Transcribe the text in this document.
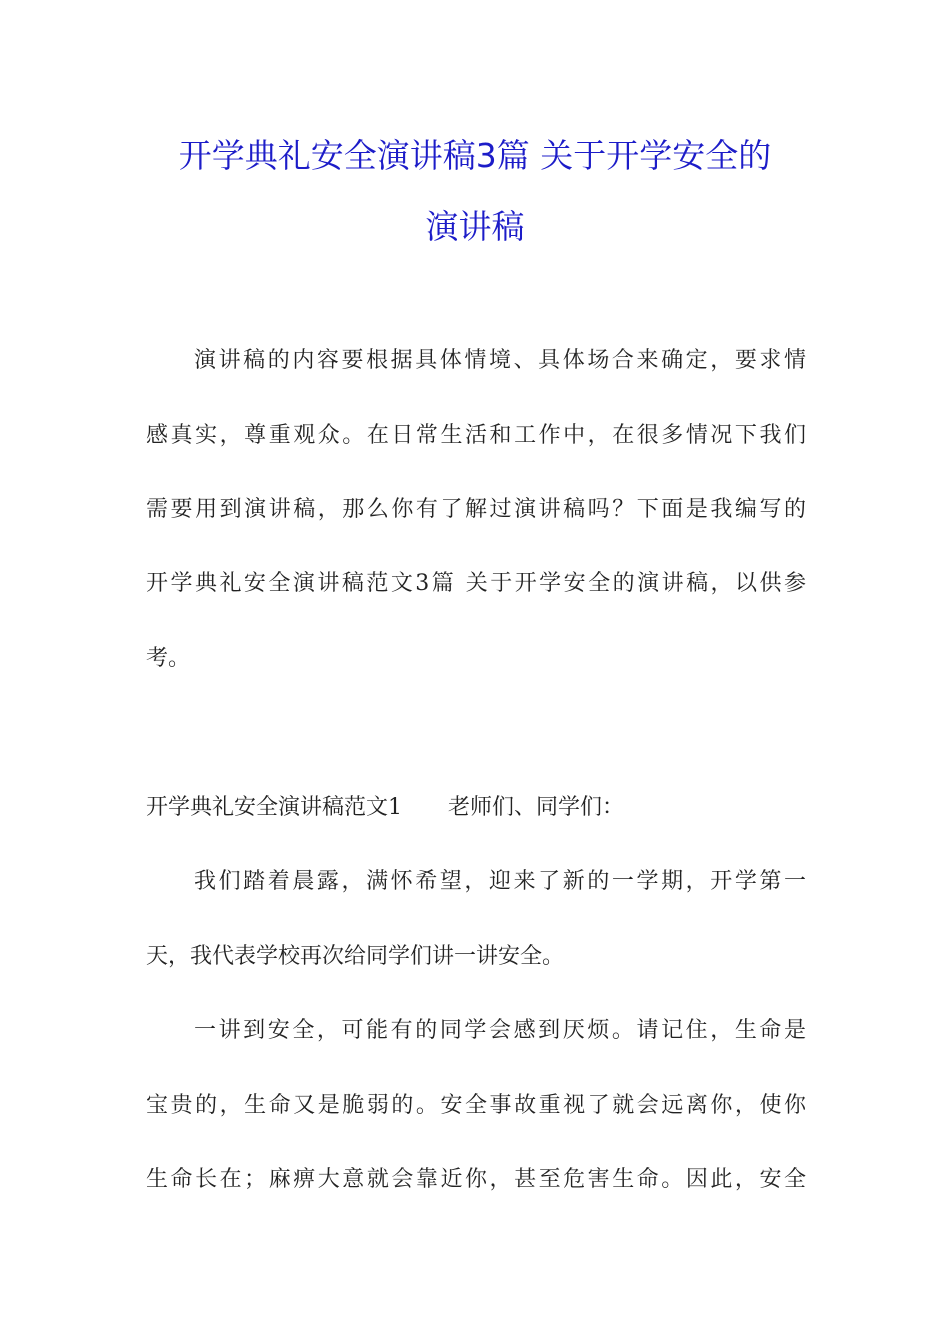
开学典礼安全演讲稿3篇 关于开学安全的
演讲稿
演讲稿的内容要根据具体情境、具体场合来确定，要求情
感真实，尊重观众。在日常生活和工作中，在很多情况下我们
需要用到演讲稿，那么你有了解过演讲稿吗？下面是我编写的
开学典礼安全演讲稿范文3篇 关于开学安全的演讲稿，以供参
考。
开学典礼安全演讲稿范文1 老师们、同学们：
我们踏着晨露，满怀希望，迎来了新的一学期，开学第一
天，我代表学校再次给同学们讲一讲安全。
一讲到安全，可能有的同学会感到厌烦。请记住，生命是
宝贵的，生命又是脆弱的。安全事故重视了就会远离你，使你
生命长在；麻痹大意就会靠近你，甚至危害生命。因此，安全
